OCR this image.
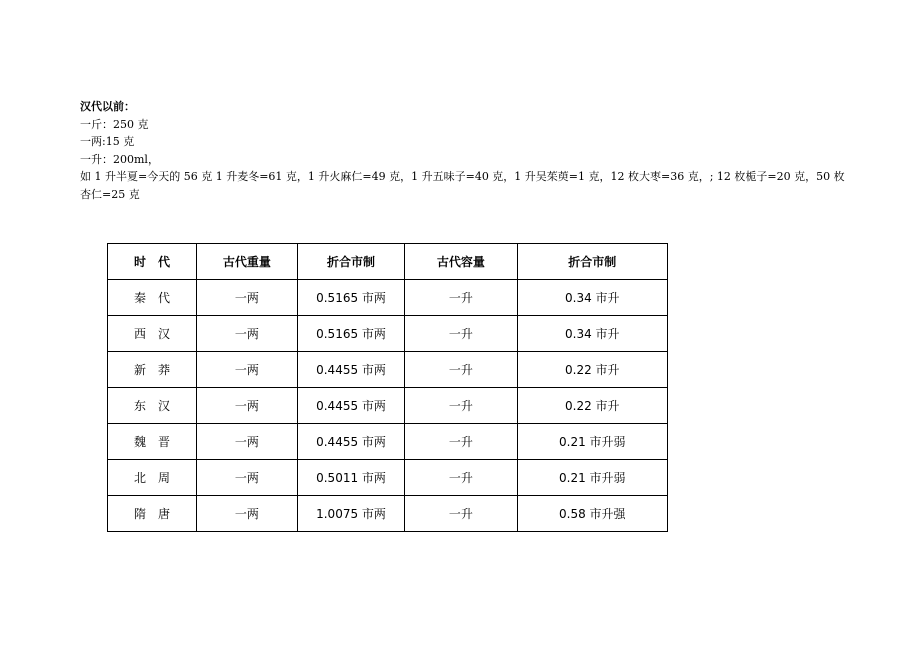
汉代以前：

一斤：250 克

一两:15 克

一升：200ml，

如 1 升半夏=今天的 56 克 1 升麦冬=61 克，1 升火麻仁=49 克，1 升五味子=40 克，1 升吴茱萸=1 克，12 枚大枣=36 克，; 12 枚栀子=20 克，50 枚杏仁=25 克

时代	古代重量	折合市制	古代容量	折合市制
秦代	一两	0.5165 市两	一升	0.34 市升
西汉	一两	0.5165 市两	一升	0.34 市升
新莽	一两	0.4455 市两	一升	0.22 市升
东汉	一两	0.4455 市两	一升	0.22 市升
魏晋	一两	0.4455 市两	一升	0.21 市升弱
北周	一两	0.5011 市两	一升	0.21 市升弱
隋唐	一两	1.0075 市两	一升	0.58 市升强
